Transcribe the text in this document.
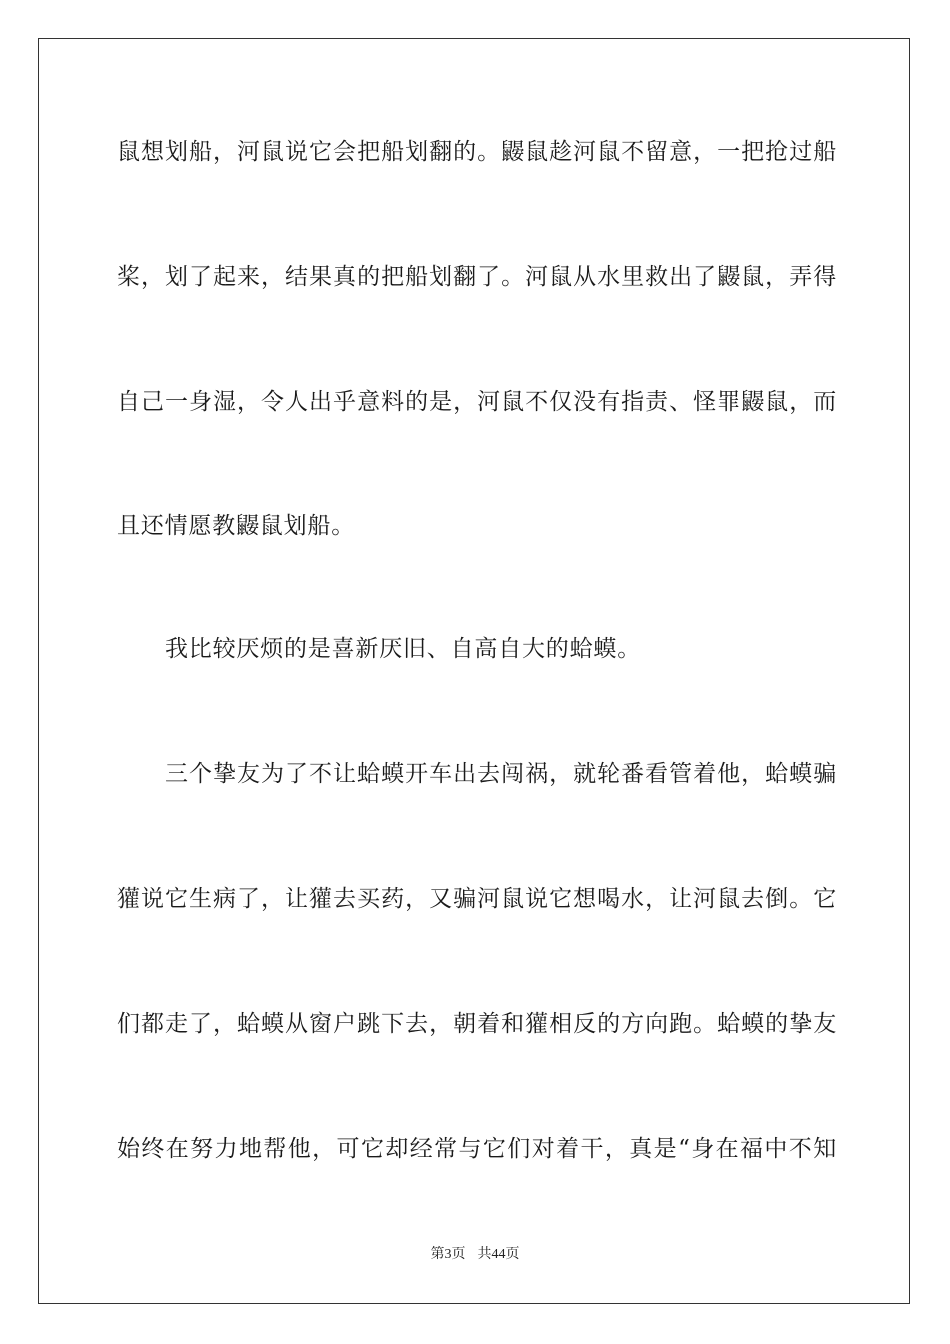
鼠想划船，河鼠说它会把船划翻的。鼹鼠趁河鼠不留意，一把抢过船
桨，划了起来，结果真的把船划翻了。河鼠从水里救出了鼹鼠，弄得
自己一身湿，令人出乎意料的是，河鼠不仅没有指责、怪罪鼹鼠，而
且还情愿教鼹鼠划船。
我比较厌烦的是喜新厌旧、自高自大的蛤蟆。
三个挚友为了不让蛤蟆开车出去闯祸，就轮番看管着他，蛤蟆骗
獾说它生病了，让獾去买药，又骗河鼠说它想喝水，让河鼠去倒。它
们都走了，蛤蟆从窗户跳下去，朝着和獾相反的方向跑。蛤蟆的挚友
始终在努力地帮他，可它却经常与它们对着干，真是“身在福中不知
第3页 共44页
